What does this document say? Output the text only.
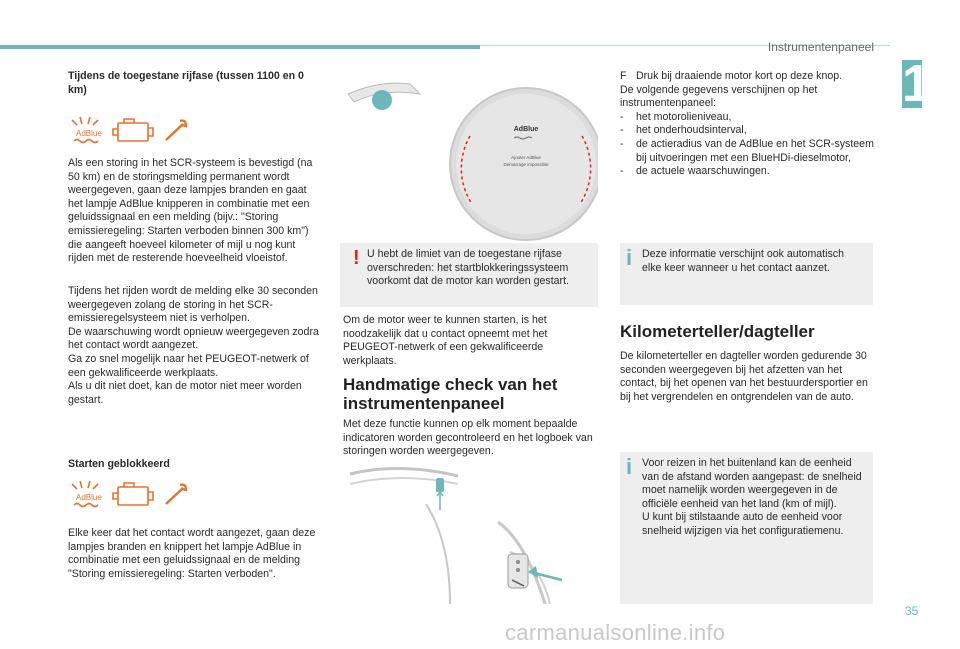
Instrumentenpaneel
1

Tijdens de toegestane rijfase (tussen 1100 en 0 km)

AdBlue

Als een storing in het SCR-systeem is bevestigd (na 50 km) en de storingsmelding permanent wordt weergegeven, gaan deze lampjes branden en gaat het lampje AdBlue knipperen in combinatie met een geluidssignaal en een melding (bijv.: "Storing emissieregeling: Starten verboden binnen 300 km") die aangeeft hoeveel kilometer of mijl u nog kunt rijden met de resterende hoeveelheid vloeistof.

Tijdens het rijden wordt de melding elke 30 seconden weergegeven zolang de storing in het SCR-emissieregelsysteem niet is verholpen.

De waarschuwing wordt opnieuw weergegeven zodra het contact wordt aangezet.

Ga zo snel mogelijk naar het PEUGEOT-netwerk of een gekwalificeerde werkplaats.

Als u dit niet doet, kan de motor niet meer worden gestart.

Starten geblokkeerd

AdBlue

Elke keer dat het contact wordt aangezet, gaan deze lampjes branden en knippert het lampje AdBlue in combinatie met een geluidssignaal en de melding "Storing emissieregeling: Starten verboden".

AdBlue
Ajouter AdBlue
Demarrage impossible
! U hebt de limiet van de toegestane rijfase overschreden: het startblokkeringssysteem voorkomt dat de motor kan worden gestart.

Om de motor weer te kunnen starten, is het noodzakelijk dat u contact opneemt met het PEUGEOT-netwerk of een gekwalificeerde werkplaats.

Handmatige check van het instrumentenpaneel

Met deze functie kunnen op elk moment bepaalde indicatoren worden gecontroleerd en het logboek van storingen worden weergegeven.

F Druk bij draaiende motor kort op deze knop.

De volgende gegevens verschijnen op het instrumentenpaneel:

-	het motorolieniveau,

-	het onderhoudsinterval,

-	de actieradius van de AdBlue en het SCR-systeem bij uitvoeringen met een BlueHDi-dieselmotor,

-	de actuele waarschuwingen.

i Deze informatie verschijnt ook automatisch elke keer wanneer u het contact aanzet.

Kilometerteller/dagteller

De kilometerteller en dagteller worden gedurende 30 seconden weergegeven bij het afzetten van het contact, bij het openen van het bestuurdersportier en bij het vergrendelen en ontgrendelen van de auto.

i Voor reizen in het buitenland kan de eenheid van de afstand worden aangepast: de snelheid moet namelijk worden weergegeven in de officiële eenheid van het land (km of mijl).

U kunt bij stilstaande auto de eenheid voor snelheid wijzigen via het configuratiemenu.

35
carmanualsonline.info
